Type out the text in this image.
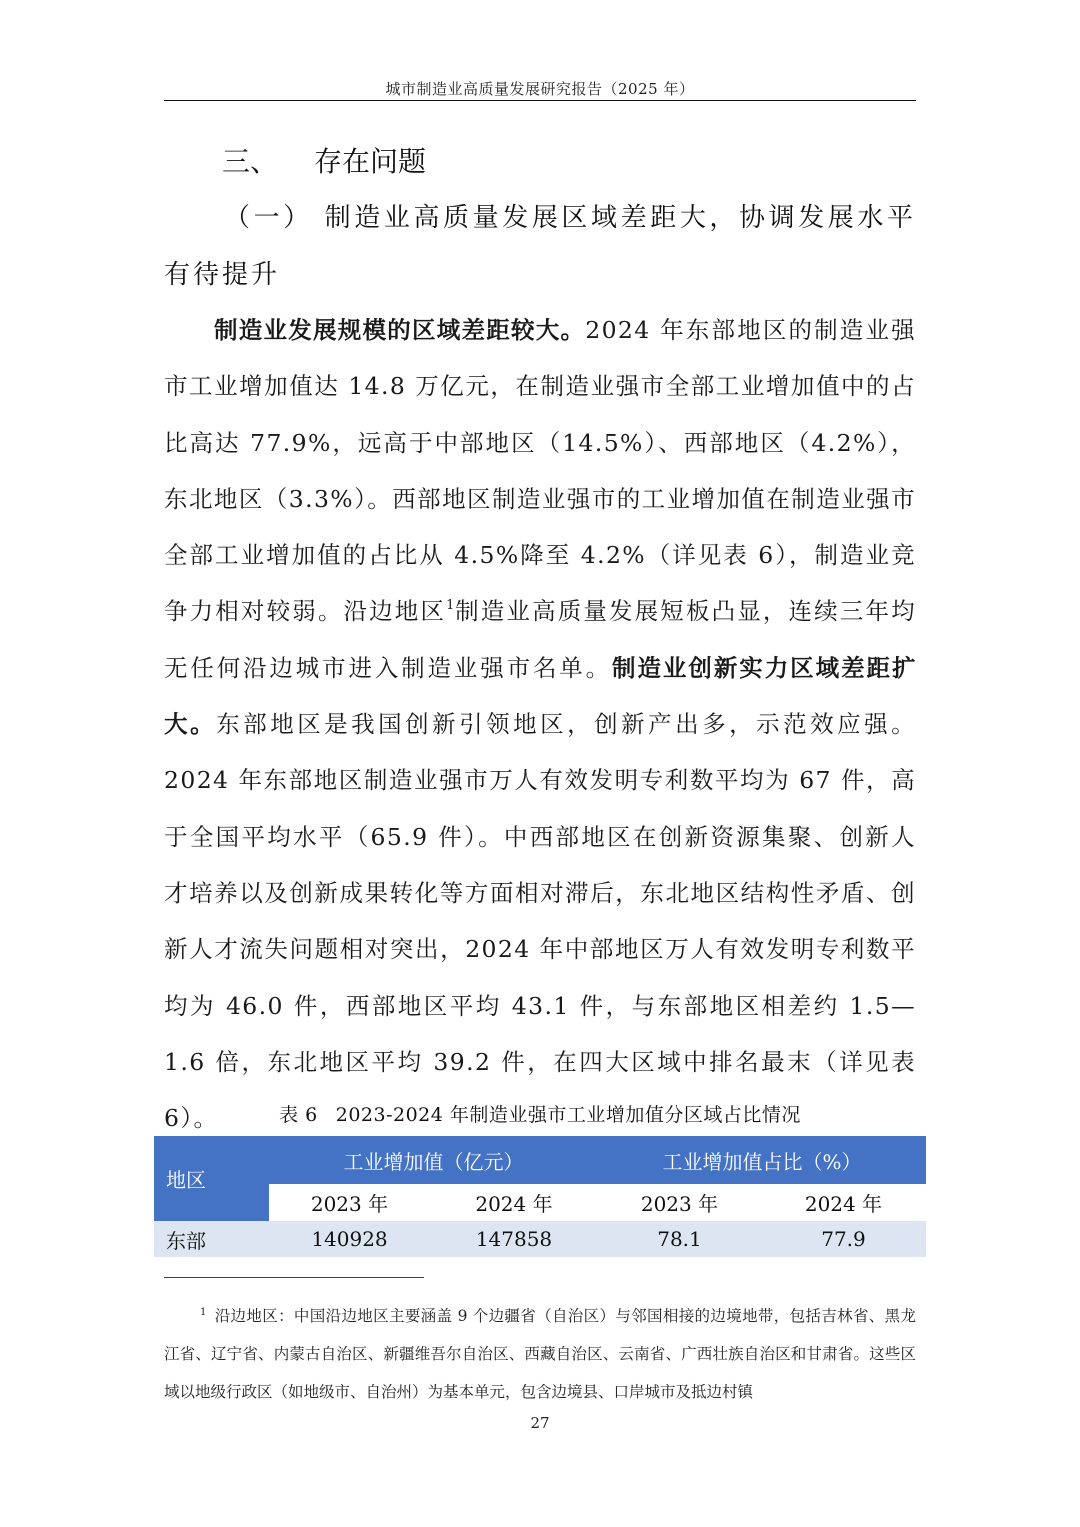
城市制造业高质量发展研究报告（2025 年）
三、 存在问题
（一） 制造业高质量发展区域差距大，协调发展水平有待提升
制造业发展规模的区域差距较大。2024 年东部地区的制造业强市工业增加值达 14.8 万亿元，在制造业强市全部工业增加值中的占比高达 77.9%，远高于中部地区（14.5%）、西部地区（4.2%），东北地区（3.3%）。西部地区制造业强市的工业增加值在制造业强市全部工业增加值的占比从 4.5%降至 4.2%（详见表 6），制造业竞争力相对较弱。沿边地区$^1$制造业高质量发展短板凸显，连续三年均无任何沿边城市进入制造业强市名单。制造业创新实力区域差距扩大。东部地区是我国创新引领地区，创新产出多，示范效应强。2024 年东部地区制造业强市万人有效发明专利数平均为 67 件，高于全国平均水平（65.9 件）。中西部地区在创新资源集聚、创新人才培养以及创新成果转化等方面相对滞后，东北地区结构性矛盾、创新人才流失问题相对突出，2024 年中部地区万人有效发明专利数平均为 46.0 件，西部地区平均 43.1 件，与东部地区相差约 1.5—1.6 倍，东北地区平均 39.2 件，在四大区域中排名最末（详见表 6）。	表 6 2023-2024 年制造业强市工业增加值分区域占比情况
地区	工业增加值（亿元）		工业增加值占比（%）	
	2023 年	2024 年	2023 年	2024 年
东部	140928	147858	78.1	77.9
$^1$ 沿边地区：中国沿边地区主要涵盖 9 个边疆省（自治区）与邻国相接的边境地带，包括吉林省、黑龙江省、辽宁省、内蒙古自治区、新疆维吾尔自治区、西藏自治区、云南省、广西壮族自治区和甘肃省。这些区域以地级行政区（如地级市、自治州）为基本单元，包含边境县、口岸城市及抵边村镇
27
